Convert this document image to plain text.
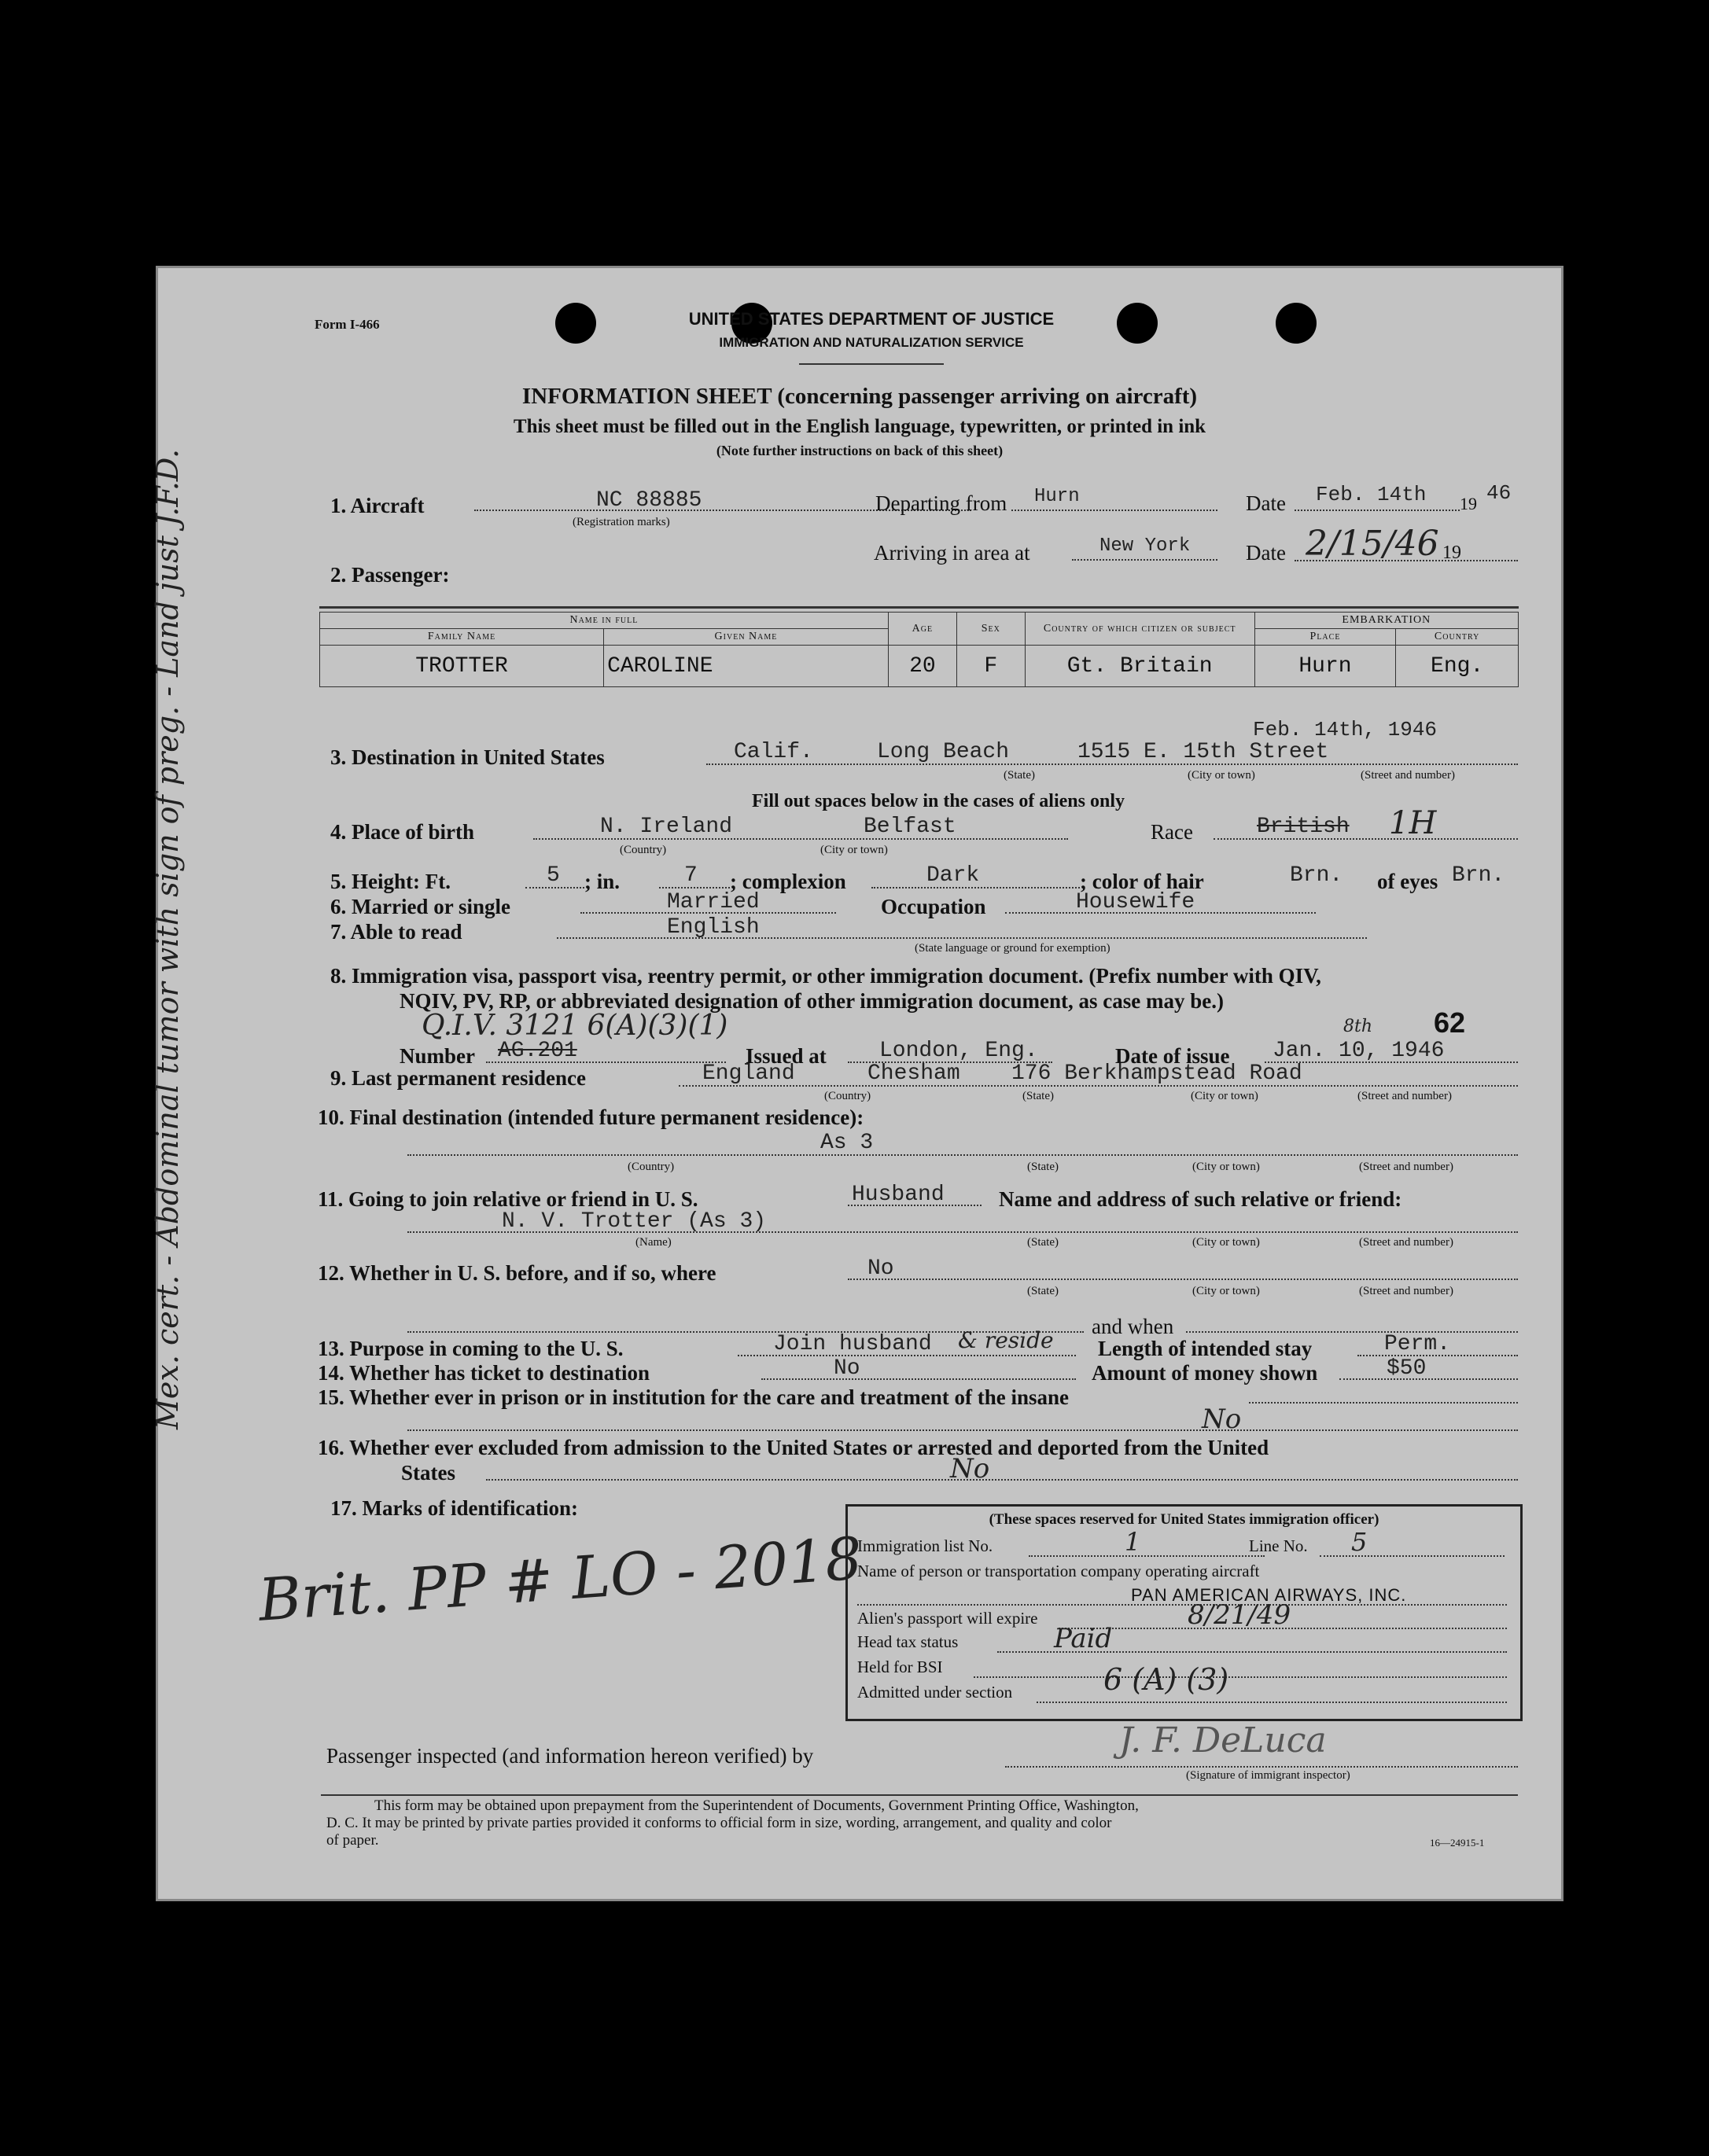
Form I-466	UNITED STATES DEPARTMENT OF JUSTICE
IMMIGRATION AND NATURALIZATION SERVICE
INFORMATION SHEET (concerning passenger arriving on aircraft)
This sheet must be filled out in the English language, typewritten, or printed in ink
(Note further instructions on back of this sheet)
1. Aircraft	NC 88885
(Registration marks)
Departing from Hurn	Date Feb. 14th 19 46
Arriving in area at	New York	Date 2/15/46 19
2. Passenger:
Name in full		Age	Sex	Country of which citizen or subject	EMBARKATION	
Family Name	Given Name				Place	Country
TROTTER	CAROLINE	20	F	Gt. Britain	Hurn	Eng.
Feb. 14th, 1946
3. Destination in United States	Calif.	Long Beach	1515 E. 15th Street
(State)	(City or town)	(Street and number)
Fill out spaces below in the cases of aliens only
4. Place of birth	N. Ireland	Belfast
(Country)	(City or town)
Race	British 1H
5. Height: Ft.	5 ; in.	7 ; complexion	Dark	; color of hair	Brn. of eyes Brn.
6. Married or single	Married	Occupation	Housewife
7. Able to read	English
(State language or ground for exemption)
8. Immigration visa, passport visa, reentry permit, or other immigration document. (Prefix number with QIV,
NQIV, PV, RP, or abbreviated designation of other immigration document, as case may be.)
Q.I.V. 3121 6(A)(3)(1)	62
Number AG.201	Issued at London, Eng.	Date of issue Jan. 10, 1946
8th
9. Last permanent residence	England	Chesham 176 Berkhampstead Road
(Country)	(State)	(City or town)	(Street and number)
10. Final destination (intended future permanent residence):
As 3
(Country)	(State)	(City or town)	(Street and number)
11. Going to join relative or friend in U. S.	Husband	Name and address of such relative or friend:
N. V. Trotter (As 3)
(Name)	(State)	(City or town)	(Street and number)
12. Whether in U. S. before, and if so, where	No
(State)	(City or town)	(Street and number)
and when
13. Purpose in coming to the U. S.	Join husband & reside Length of intended stay	Perm.
14. Whether has ticket to destination	No	Amount of money shown	$50
15. Whether ever in prison or in institution for the care and treatment of the insane
No
16. Whether ever excluded from admission to the United States or arrested and deported from the United
States	No
17. Marks of identification:
Brit. PP # LO - 2018
(These spaces reserved for United States immigration officer)
Immigration list No.	1	Line No. 5
Name of person or transportation company operating aircraft
PAN AMERICAN AIRWAYS, INC.
Alien's passport will expire	8/21/49
Head tax status	Paid
Held for BSI
Admitted under section	6 (A) (3)
Passenger inspected (and information hereon verified) by	J. F. DeLuca
(Signature of immigrant inspector)
This form may be obtained upon prepayment from the Superintendent of Documents, Government Printing Office, Washington,
D. C. It may be printed by private parties provided it conforms to official form in size, wording, arrangement, and quality and color
of paper.	16—24915-1
Mex. cert. - Abdominal tumor with sign of preg. - Land just J.F.D.
